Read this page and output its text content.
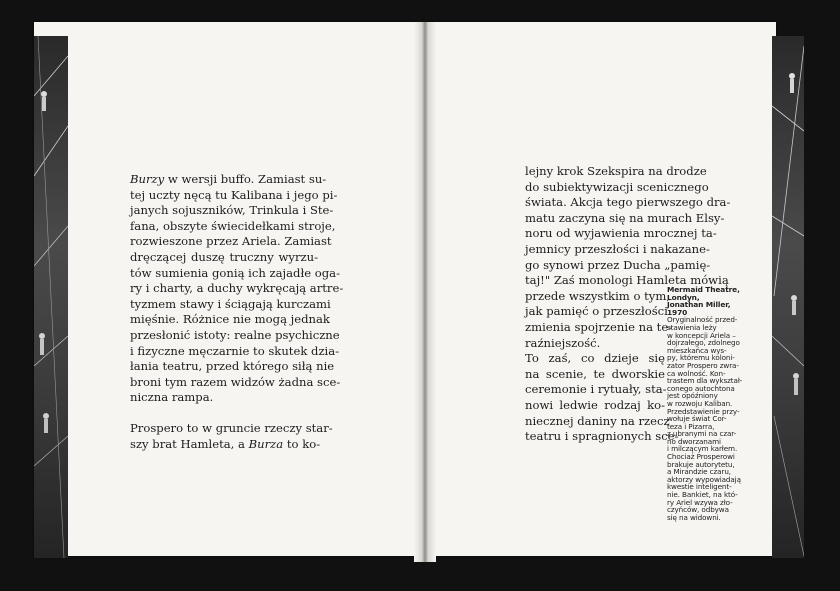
Burzy w wersji buffo. Zamiast su-
tej uczty nęcą tu Kalibana i jego pi-
janych sojuszników, Trinkula i Ste-
fana, obszyte świecidełkami stroje,
rozwieszone przez Ariela. Zamiast
dręczącej duszę truczny wyrzu-
tów sumienia gonią ich zajadłe oga-
ry i charty, a duchy wykręcają artre-
tyzmem stawy i ściągają kurczami
mięśnie. Różnice nie mogą jednak
przesłonić istoty: realne psychiczne
i fizyczne męczarnie to skutek dzia-
łania teatru, przed którego siłą nie
broni tym razem widzów żadna sce-
niczna rampa.
Prospero to w gruncie rzeczy star-
szy brat Hamleta, a Burza to ko-
lejny krok Szekspira na drodze
do subiektywizacji scenicznego
świata. Akcja tego pierwszego dra-
matu zaczyna się na murach Elsy-
noru od wyjawienia mrocznej ta-
jemnicy przeszłości i nakazane-
go synowi przez Ducha „pamię-
taj!" Zaś monologi Hamleta mówią
przede wszystkim o tym,
jak pamięć o przeszłości
zmienia spojrzenie na te-
raźniejszość.
To zaś, co dzieje się
na scenie, te dworskie
ceremonie i rytuały, sta-
nowi ledwie rodzaj ko-
niecznej daniny na rzecz
teatru i spragnionych sce-
Mermaid Theatre,
Londyn,
Jonathan Miller,
1970
Oryginalność przed-
stawienia leży
w koncepcji Ariela –
dojrzałego, zdolnego
mieszkańca wys-
py, któremu koloni-
zator Prospero zwra-
ca wolność. Kon-
trastem dla wykształ-
conego autochtona
jest opóźniony
w rozwoju Kaliban.
Przedstawienie przy-
wołuje świat Cor-
teza i Pizarra,
z ubranymi na czar-
no dworzanami
i milczącym karłem.
Chociaż Prosperowi
brakuje autorytetu,
a Mirandzie czaru,
aktorzy wypowiadają
kwestie inteligent-
nie. Bankiet, na któ-
ry Ariel wzywa zło-
czyńców, odbywa
się na widowni.
